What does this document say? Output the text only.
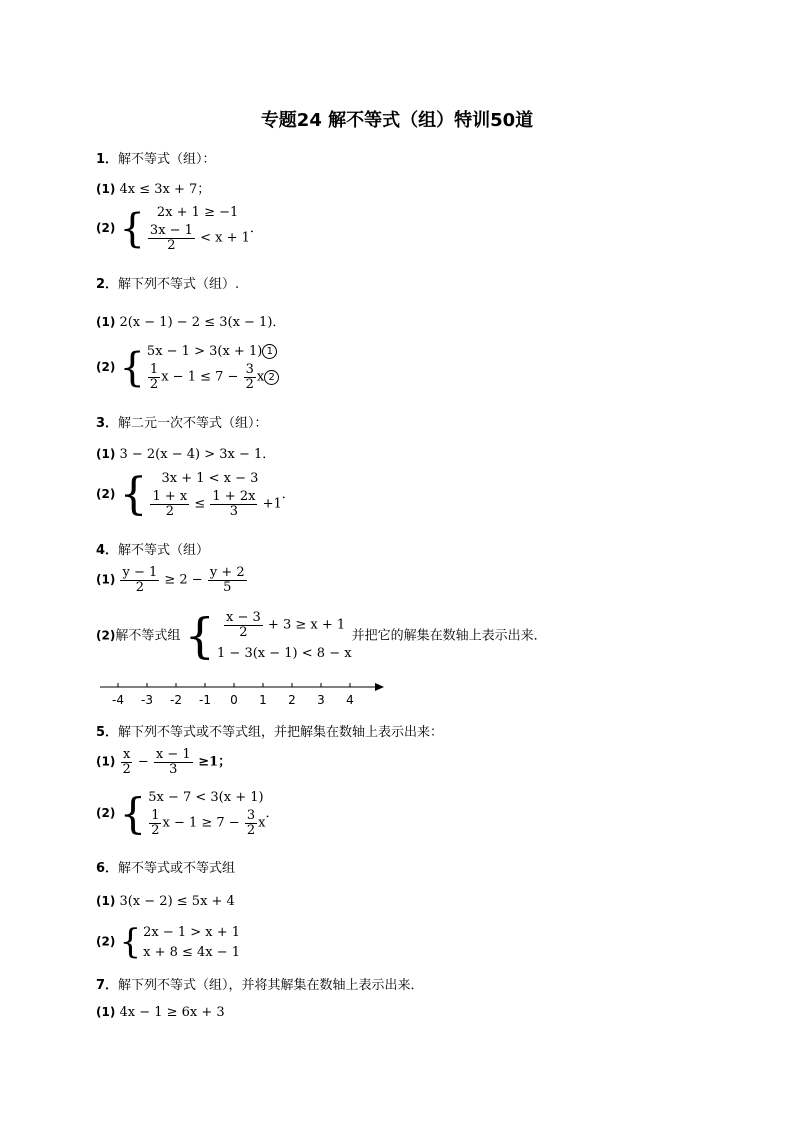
专题24 解不等式（组）特训50道
1．解不等式（组）：
(1) 4x ≤ 3x + 7；
(2) { 2x + 1 ≥ −1
$\frac{3x - 1}{2} < x + 1$
．
2．解下列不等式（组）.
(1) 2(x − 1) − 2 ≤ 3(x − 1)．
(2) { 5x − 1 > 3(x + 1) 1
$\frac{1}{2}$ $x - 1 \le 7 - \frac{3}{2}$ x 2
3．解二元一次不等式（组）：
(1) 3 − 2(x − 4) > 3x − 1．
(2) {	3x + 1 < x − 3
$\frac{1 + x}{2} \le \frac{1 + 2x}{3} +1$
．
4．解不等式（组）
$(1) \frac{y - 1}{2} \ge 2 - \frac{y + 2}{5}$
(2)解不等式组 { $\frac{x - 3}{2} + 3 \ge x + 1$
1 − 3(x − 1) < 8 − x
并把它的解集在数轴上表示出来．
-4 -3 -2 -1 0 1 2 3 4
5．解下列不等式或不等式组，并把解集在数轴上表示出来：
$(1) \frac{x}{2} - \frac{x - 1}{3} \ge 1$；
(2) { 5x − 7 < 3(x + 1)
$\frac{1}{2}$ $x - 1 \ge 7 - \frac{3}{2}$ x
．
6．解不等式或不等式组
(1) 3(x − 2) ≤ 5x + 4
(2) { 2x − 1 > x + 1
x + 8 ≤ 4x − 1
7．解下列不等式（组），并将其解集在数轴上表示出来．
(1) 4x − 1 ≥ 6x + 3
